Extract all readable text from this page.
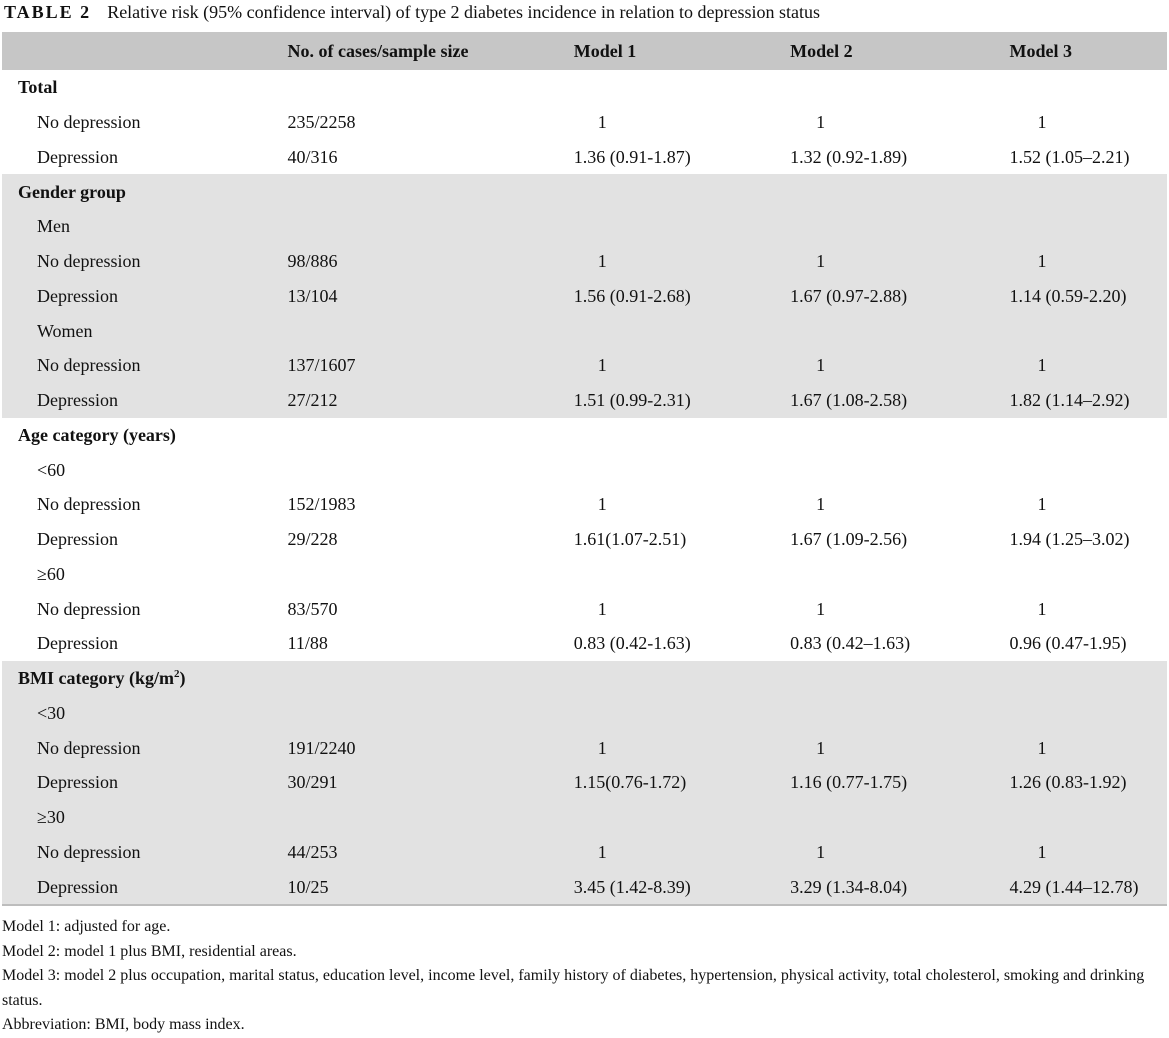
TABLE 2 Relative risk (95% confidence interval) of type 2 diabetes incidence in relation to depression status
	No. of cases/sample size	Model 1	Model 2	Model 3
Total				
No depression	235/2258	1	1	1
Depression	40/316	1.36 (0.91-1.87)	1.32 (0.92-1.89)	1.52 (1.05–2.21)
Gender group				
Men				
No depression	98/886	1	1	1
Depression	13/104	1.56 (0.91-2.68)	1.67 (0.97-2.88)	1.14 (0.59-2.20)
Women				
No depression	137/1607	1	1	1
Depression	27/212	1.51 (0.99-2.31)	1.67 (1.08-2.58)	1.82 (1.14–2.92)
Age category (years)				
<60				
No depression	152/1983	1	1	1
Depression	29/228	1.61(1.07-2.51)	1.67 (1.09-2.56)	1.94 (1.25–3.02)
≥60				
No depression	83/570	1	1	1
Depression	11/88	0.83 (0.42-1.63)	0.83 (0.42–1.63)	0.96 (0.47-1.95)
BMI category $(kg/m^2)$				
<30				
No depression	191/2240	1	1	1
Depression	30/291	1.15(0.76-1.72)	1.16 (0.77-1.75)	1.26 (0.83-1.92)
≥30				
No depression	44/253	1	1	1
Depression	10/25	3.45 (1.42-8.39)	3.29 (1.34-8.04)	4.29 (1.44–12.78)

Model 1: adjusted for age.

Model 2: model 1 plus BMI, residential areas.

Model 3: model 2 plus occupation, marital status, education level, income level, family history of diabetes, hypertension, physical activity, total cholesterol, smoking and drinking status.

Abbreviation: BMI, body mass index.
